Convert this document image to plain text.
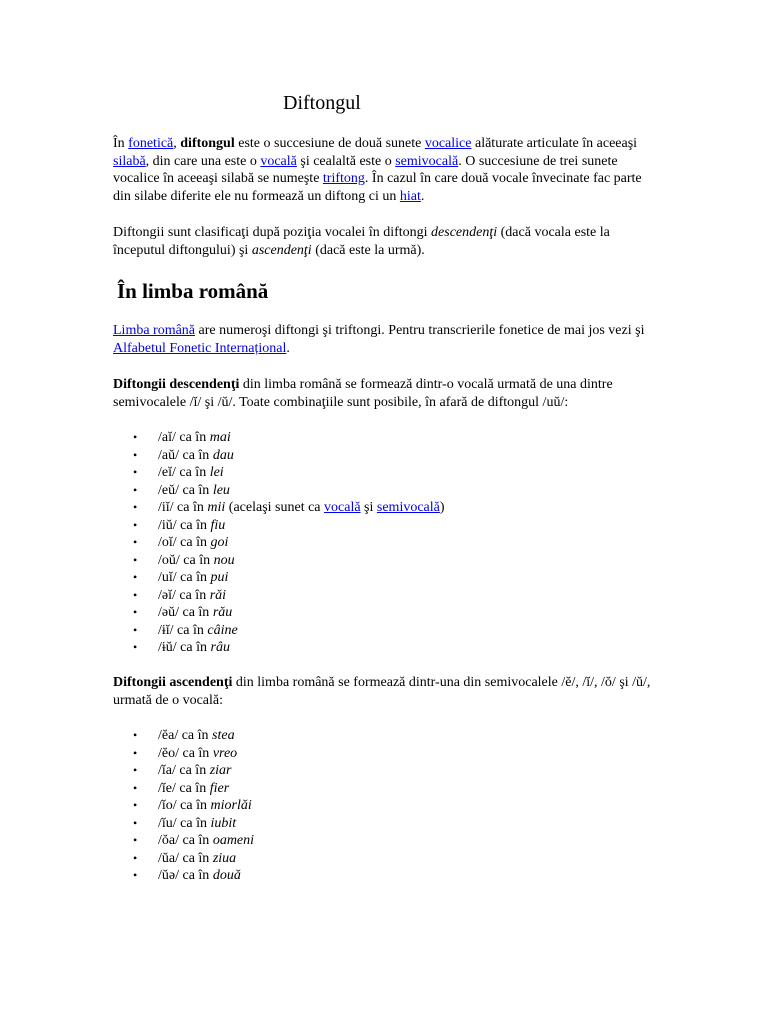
Diftongul

În fonetică, diftongul este o succesiune de două sunete vocalice alăturate articulate în aceeaşi silabă, din care una este o vocală şi cealaltă este o semivocală. O succesiune de trei sunete vocalice în aceeaşi silabă se numeşte triftong. În cazul în care două vocale învecinate fac parte din silabe diferite ele nu formează un diftong ci un hiat.

Diftongii sunt clasificaţi după poziţia vocalei în diftongi descendenţi (dacă vocala este la începutul diftongului) şi ascendenţi (dacă este la urmă).

În limba română

Limba română are numeroşi diftongi şi triftongi. Pentru transcrierile fonetice de mai jos vezi şi Alfabetul Fonetic Internațional.

Diftongii descendenţi din limba română se formează dintr-o vocală urmată de una dintre semivocalele /ĭ/ şi /ŭ/. Toate combinaţiile sunt posibile, în afară de diftongul /uŭ/:

• /aĭ/ ca în mai
• /aŭ/ ca în dau
• /eĭ/ ca în lei
• /eŭ/ ca în leu
• /iĭ/ ca în mii (acelaşi sunet ca vocală şi semivocală)
• /iŭ/ ca în fiu
• /oĭ/ ca în goi
• /oŭ/ ca în nou
• /uĭ/ ca în pui
• /əĭ/ ca în răi
• /əŭ/ ca în rău
• /ɨĭ/ ca în câine
• /ɨŭ/ ca în râu

Diftongii ascendenţi din limba română se formează dintr-una din semivocalele /ĕ/, /ĭ/, /ŏ/ şi /ŭ/, urmată de o vocală:

• /ĕa/ ca în stea
• /ĕo/ ca în vreo
• /ĭa/ ca în ziar
• /ĭe/ ca în fier
• /ĭo/ ca în miorlăi
• /ĭu/ ca în iubit
• /ŏa/ ca în oameni
• /ŭa/ ca în ziua
• /ŭə/ ca în două
